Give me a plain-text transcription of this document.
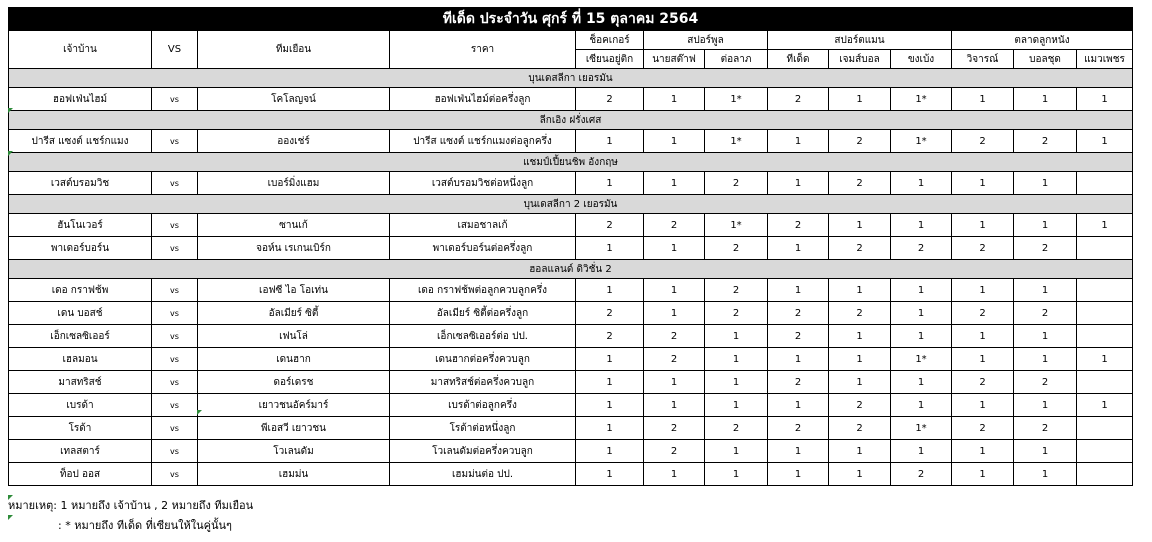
ทีเด็ด ประจำวัน ศุกร์ ที่ 15 ตุลาคม 2564												
เจ้าบ้าน	VS	ทีมเยือน	ราคา	ช็อคเกอร์	สปอร์พูล		สปอร์ตแมน			ตลาดลูกหนัง		
				เซียนอยู่ติก	นายสต๊าฟ	ต่อลาภ	ทีเด็ด	เจมส์บอล	ขงเบ้ง	วิจารณ์	บอลชุด	แมวเพชร
บุนเดสลีกา เยอรมัน												
ฮอฟเฟ่นไฮม์	vs	โคโลญจน์	ฮอฟเฟ่นไฮม์ต่อครึ่งลูก	2	1	1*	2	1	1*	1	1	1
ลีกเอิง ฝรั่งเศส												
ปารีส แซงต์ แชร์กแมง	vs	อองเช่ร์	ปารีส แซงต์ แชร์กแมงต่อลูกครึ่ง	1	1	1*	1	2	1*	2	2	1
แชมป์เปี้ยนชิพ อังกฤษ												
เวสต์บรอมวิช	vs	เบอร์มิ่งแฮม	เวสต์บรอมวิชต่อหนึ่งลูก	1	1	2	1	2	1	1	1	
บุนเดสลีกา 2 เยอรมัน												
ฮันโนเวอร์	vs	ซานเก้	เสมอชาลเก้	2	2	1*	2	1	1	1	1	1
พาเดอร์บอร์น	vs	จอห์น เรเกนเบิร์ก	พาเดอร์บอร์นต่อครึ่งลูก	1	1	2	1	2	2	2	2	
ฮอลแลนด์ ดิวิชั่น 2												
เดอ กราฟช้พ	vs	เอฟซี ไอ โอเท่น	เดอ กราฟช้พต่อลูกควบลูกครึ่ง	1	1	2	1	1	1	1	1	
เดน บอสช์	vs	อัลเมียร์ ซิตี้	อัลเมียร์ ซิตี้ต่อครึ่งลูก	2	1	2	2	2	1	2	2	
เอ็กเซลซิเออร์	vs	เฟนโล่	เอ็กเซลซิเออร์ต่อ ปป.	2	2	1	2	1	1	1	1	
เฮลมอน	vs	เดนฮาก	เดนฮากต่อครึ่งควบลูก	1	2	1	1	1	1*	1	1	1
มาสทริสช์	vs	ดอร์เดรช	มาสทริสช์ต่อครึ่งควบลูก	1	1	1	2	1	1	2	2	
เบรด้า	vs	เยาวชนอัคร์มาร์	เบรด้าต่อลูกครึ่ง	1	1	1	1	2	1	1	1	1
โรด้า	vs	พีเอสวี เยาวชน	โรด้าต่อหนึ่งลูก	1	2	2	2	2	1*	2	2	
เทลสตาร์	vs	โวเลนดัม	โวเลนดัมต่อครึ่งควบลูก	1	2	1	1	1	1	1	1	
ท็อป ออส	vs	เฮมม่น	เฮมม่นต่อ ปป.	1	1	1	1	1	2	1	1	
หมายเหตุ: 1 หมายถึง เจ้าบ้าน , 2 หมายถึง ทีมเยือน
: * หมายถึง ทีเด็ด ที่เซียนให้ในคู่นั้นๆ
